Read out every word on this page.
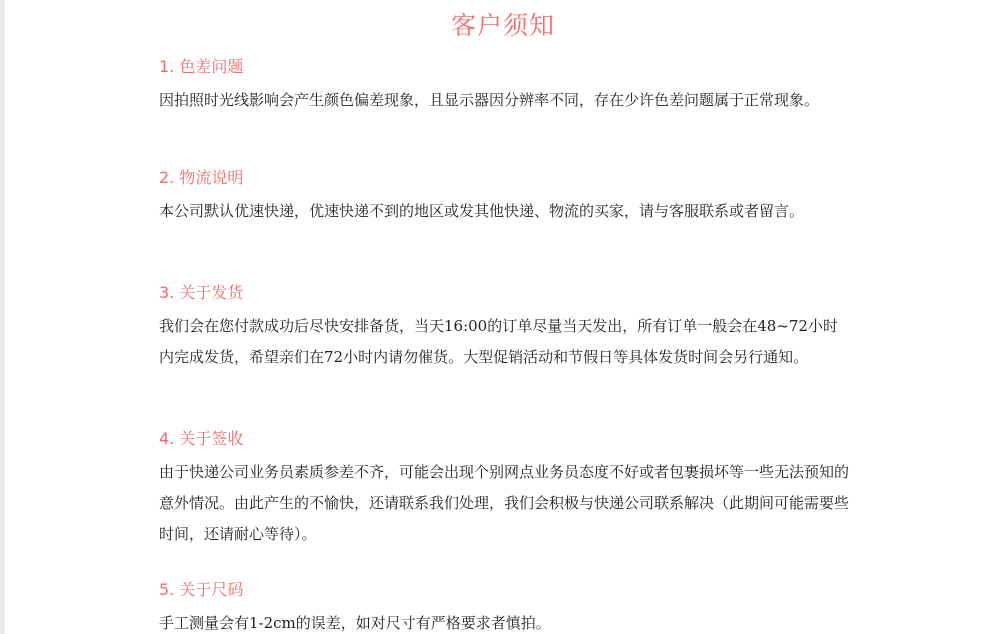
客户须知
1. 色差问题
因拍照时光线影响会产生颜色偏差现象，且显示器因分辨率不同，存在少许色差问题属于正常现象。
2. 物流说明
本公司默认优速快递，优速快递不到的地区或发其他快递、物流的买家，请与客服联系或者留言。
3. 关于发货
我们会在您付款成功后尽快安排备货，当天16:00的订单尽量当天发出，所有订单一般会在48~72小时内完成发货，希望亲们在72小时内请勿催货。大型促销活动和节假日等具体发货时间会另行通知。
4. 关于签收
由于快递公司业务员素质参差不齐，可能会出现个别网点业务员态度不好或者包裹损坏等一些无法预知的意外情况。由此产生的不愉快，还请联系我们处理，我们会积极与快递公司联系解决（此期间可能需要些时间，还请耐心等待）。
5. 关于尺码
手工测量会有1-2cm的误差，如对尺寸有严格要求者慎拍。
